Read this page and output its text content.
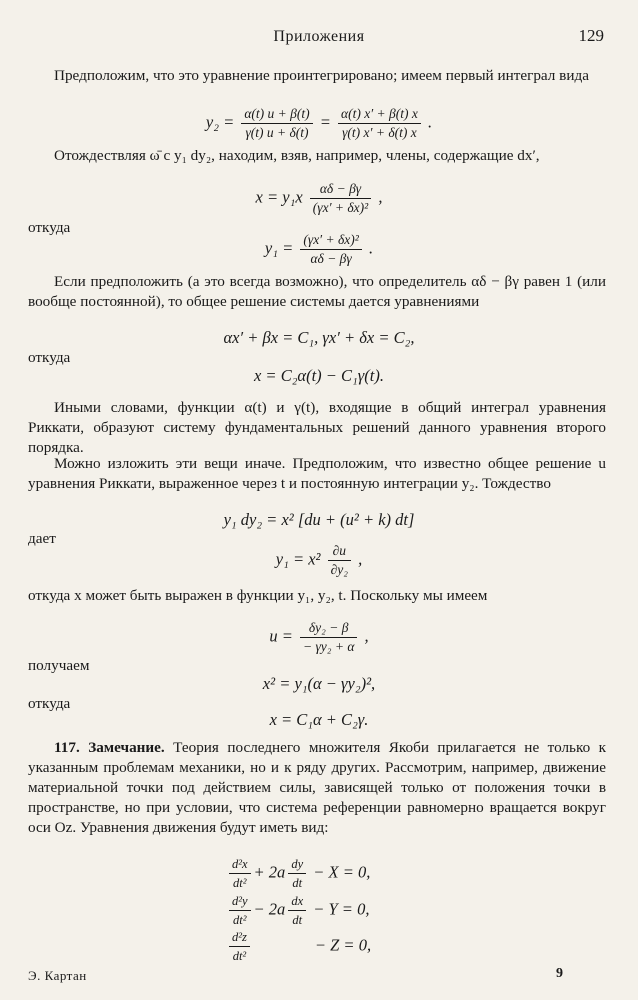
Приложения	129
Предположим, что это уравнение проинтегрировано; имеем первый интеграл вида
$y_2 = \frac{\alpha(t) u + \beta(t)}{\gamma(t) u + \delta(t)} = \frac{\alpha(t) x' + \beta(t) x}{\gamma(t) x' + \delta(t) x}$ .
Отождествляя ω̄ с y₁ dy₂, находим, взяв, например, члены, содержащие dx′,
$x = y_1x \frac{\alpha\delta - \beta\gamma}{\text{(γx′ + δx)²}}$ ,
откуда
$y_1 = \frac{\text{(γx′ + δx)²}}{\alpha\delta - \beta\gamma}$ .
Если предположить (а это всегда возможно), что определитель αδ − βγ равен 1 (или вообще постоянной), то общее решение системы дается уравнениями
αx′ + βx = C₁, γx′ + δx = C₂,
откуда
x = C₂α(t) − C₁γ(t).
Иными словами, функции α(t) и γ(t), входящие в общий интеграл уравнения Риккати, образуют систему фундаментальных решений данного уравнения второго порядка.
Можно изложить эти вещи иначе. Предположим, что известно общее решение u уравнения Риккати, выраженное через t и постоянную интеграции y₂. Тождество
y₁ dy₂ = x² [du + (u² + k) dt]
дает
$y_1 = x^2 \frac{\partial u}{\text{∂y₂}}$ ,
откуда x может быть выражен в функции y₁, y₂, t. Поскольку мы имеем
$u = \frac{\text{δy₂ − β}}{\text{− γy₂ + α}}$ ,
получаем
x² = y₁(α − γy₂)²,
откуда
x = C₁α + C₂γ.
117. Замечание. Теория последнего множителя Якоби прилагается не только к указанным проблемам механики, но и к ряду других. Рассмотрим, например, движение материальной точки под действием силы, зависящей только от положения точки в пространстве, но при условии, что система референции равномерно вращается вокруг оси Oz. Уравнения движения будут иметь вид:
$\frac{\text{d²x}}{\text{dt²}} + 2a \frac{dy}{dt} - X = 0$,
$\frac{\text{d²y}}{\text{dt²}} - 2a \frac{dx}{dt} - Y = 0$,
$\frac{\text{d²z}}{\text{dt²}}$	− Z = 0,
Э. Картан	9
